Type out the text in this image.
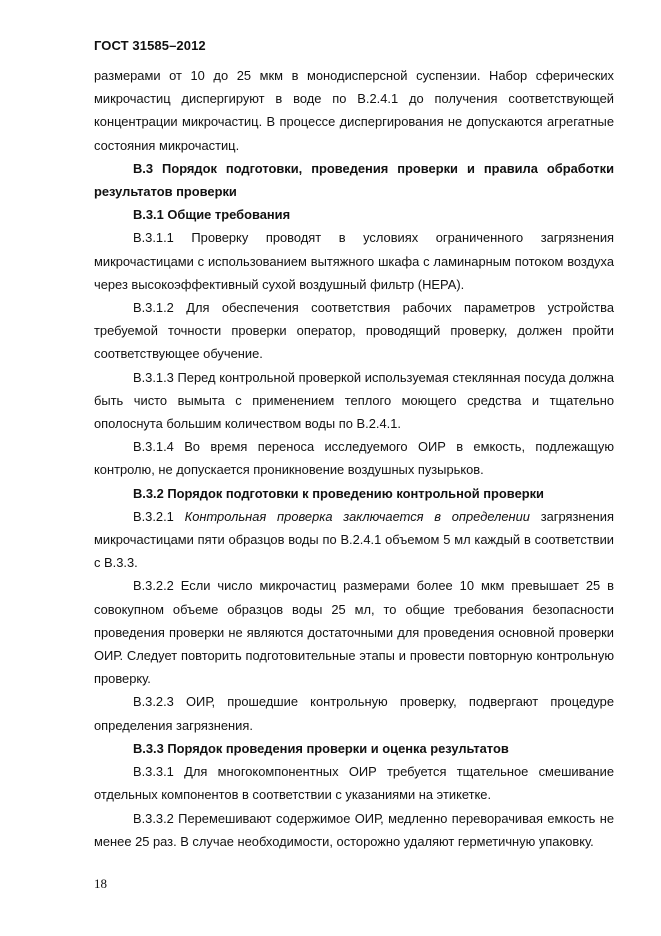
ГОСТ 31585–2012

размерами от 10 до 25 мкм в монодисперсной суспензии. Набор сферических микрочастиц диспергируют в воде по В.2.4.1 до получения соответствующей концентрации микрочастиц. В процессе диспергирования не допускаются агрегатные состояния микрочастиц.

В.3 Порядок подготовки, проведения проверки и правила обработки результатов проверки

В.3.1 Общие требования

В.3.1.1 Проверку проводят в условиях ограниченного загрязнения микрочастицами с использованием вытяжного шкафа с ламинарным потоком воздуха через высокоэффективный сухой воздушный фильтр (НЕРА).

В.3.1.2 Для обеспечения соответствия рабочих параметров устройства требуемой точности проверки оператор, проводящий проверку, должен пройти соответствующее обучение.

В.3.1.3 Перед контрольной проверкой используемая стеклянная посуда должна быть чисто вымыта с применением теплого моющего средства и тщательно ополоснута большим количеством воды по В.2.4.1.

В.3.1.4 Во время переноса исследуемого ОИР в емкость, подлежащую контролю, не допускается проникновение воздушных пузырьков.

В.3.2 Порядок подготовки к проведению контрольной проверки

В.3.2.1 Контрольная проверка заключается в определении загрязнения микрочастицами пяти образцов воды по В.2.4.1 объемом 5 мл каждый в соответствии с В.3.3.

В.3.2.2 Если число микрочастиц размерами более 10 мкм превышает 25 в совокупном объеме образцов воды 25 мл, то общие требования безопасности проведения проверки не являются достаточными для проведения основной проверки ОИР. Следует повторить подготовительные этапы и провести повторную контрольную проверку.

В.3.2.3 ОИР, прошедшие контрольную проверку, подвергают процедуре определения загрязнения.

В.3.3 Порядок проведения проверки и оценка результатов

В.3.3.1 Для многокомпонентных ОИР требуется тщательное смешивание отдельных компонентов в соответствии с указаниями на этикетке.

В.3.3.2 Перемешивают содержимое ОИР, медленно переворачивая емкость не менее 25 раз. В случае необходимости, осторожно удаляют герметичную упаковку.

18
